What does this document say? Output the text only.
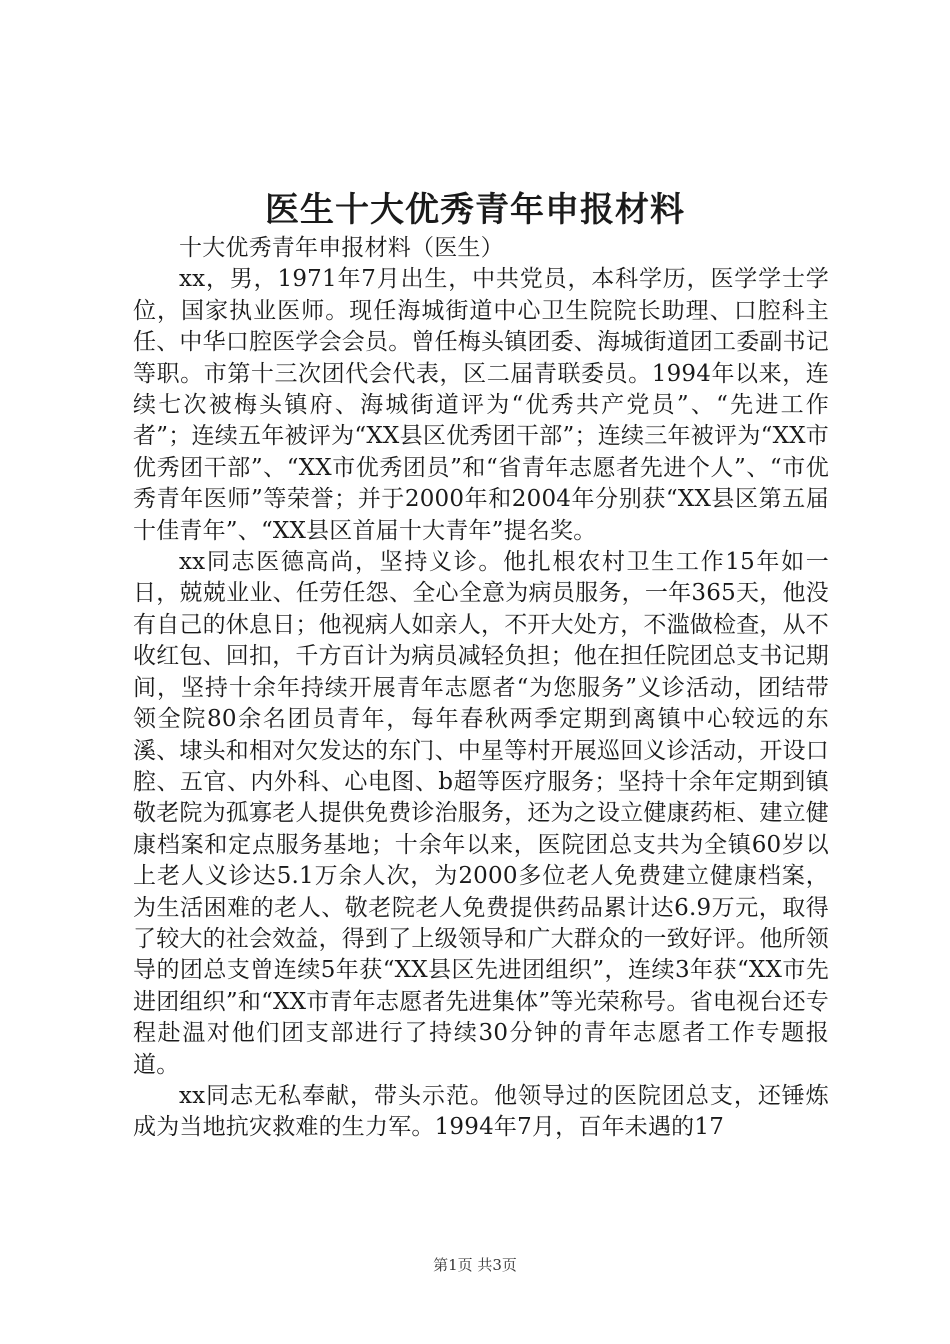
医生十大优秀青年申报材料

十大优秀青年申报材料（医生）

xx，男，1971年7月出生，中共党员，本科学历，医学学士学位，国家执业医师。现任海城街道中心卫生院院长助理、口腔科主任、中华口腔医学会会员。曾任梅头镇团委、海城街道团工委副书记等职。市第十三次团代会代表，区二届青联委员。1994年以来，连续七次被梅头镇府、海城街道评为“优秀共产党员”、“先进工作者”；连续五年被评为“XX县区优秀团干部”；连续三年被评为“XX市优秀团干部”、“XX市优秀团员”和“省青年志愿者先进个人”、“市优秀青年医师”等荣誉；并于2000年和2004年分别获“XX县区第五届十佳青年”、“XX县区首届十大青年”提名奖。

xx同志医德高尚，坚持义诊。他扎根农村卫生工作15年如一日，兢兢业业、任劳任怨、全心全意为病员服务，一年365天，他没有自己的休息日；他视病人如亲人，不开大处方，不滥做检查，从不收红包、回扣，千方百计为病员减轻负担；他在担任院团总支书记期间，坚持十余年持续开展青年志愿者“为您服务”义诊活动，团结带领全院80余名团员青年，每年春秋两季定期到离镇中心较远的东溪、埭头和相对欠发达的东门、中星等村开展巡回义诊活动，开设口腔、五官、内外科、心电图、b超等医疗服务；坚持十余年定期到镇敬老院为孤寡老人提供免费诊治服务，还为之设立健康药柜、建立健康档案和定点服务基地；十余年以来，医院团总支共为全镇60岁以上老人义诊达5.1万余人次，为2000多位老人免费建立健康档案，为生活困难的老人、敬老院老人免费提供药品累计达6.9万元，取得了较大的社会效益，得到了上级领导和广大群众的一致好评。他所领导的团总支曾连续5年获“XX县区先进团组织”，连续3年获“XX市先进团组织”和“XX市青年志愿者先进集体”等光荣称号。省电视台还专程赴温对他们团支部进行了持续30分钟的青年志愿者工作专题报道。

xx同志无私奉献，带头示范。他领导过的医院团总支，还锤炼成为当地抗灾救难的生力军。1994年7月，百年未遇的17

第1页 共3页
